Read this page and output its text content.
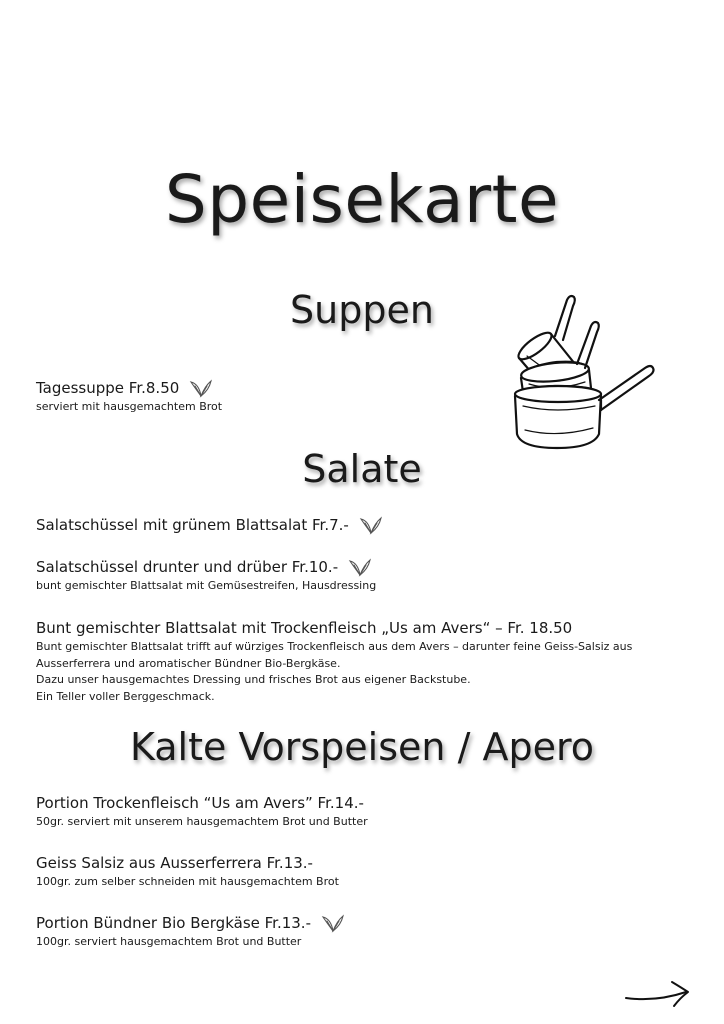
Speisekarte
Suppen
Tagessuppe Fr.8.50
serviert mit hausgemachtem Brot
Salate
Salatschüssel mit grünem Blattsalat Fr.7.-
Salatschüssel drunter und drüber Fr.10.-
bunt gemischter Blattsalat mit Gemüsestreifen, Hausdressing
Bunt gemischter Blattsalat mit Trockenfleisch „Us am Avers“ – Fr. 18.50
Bunt gemischter Blattsalat trifft auf würziges Trockenfleisch aus dem Avers – darunter feine Geiss-Salsiz aus
Ausserferrera und aromatischer Bündner Bio-Bergkäse.
Dazu unser hausgemachtes Dressing und frisches Brot aus eigener Backstube.
Ein Teller voller Berggeschmack.
Kalte Vorspeisen / Apero
Portion Trockenfleisch “Us am Avers” Fr.14.-
50gr. serviert mit unserem hausgemachtem Brot und Butter
Geiss Salsiz aus Ausserferrera Fr.13.-
100gr. zum selber schneiden mit hausgemachtem Brot
Portion Bündner Bio Bergkäse Fr.13.-
100gr. serviert hausgemachtem Brot und Butter
